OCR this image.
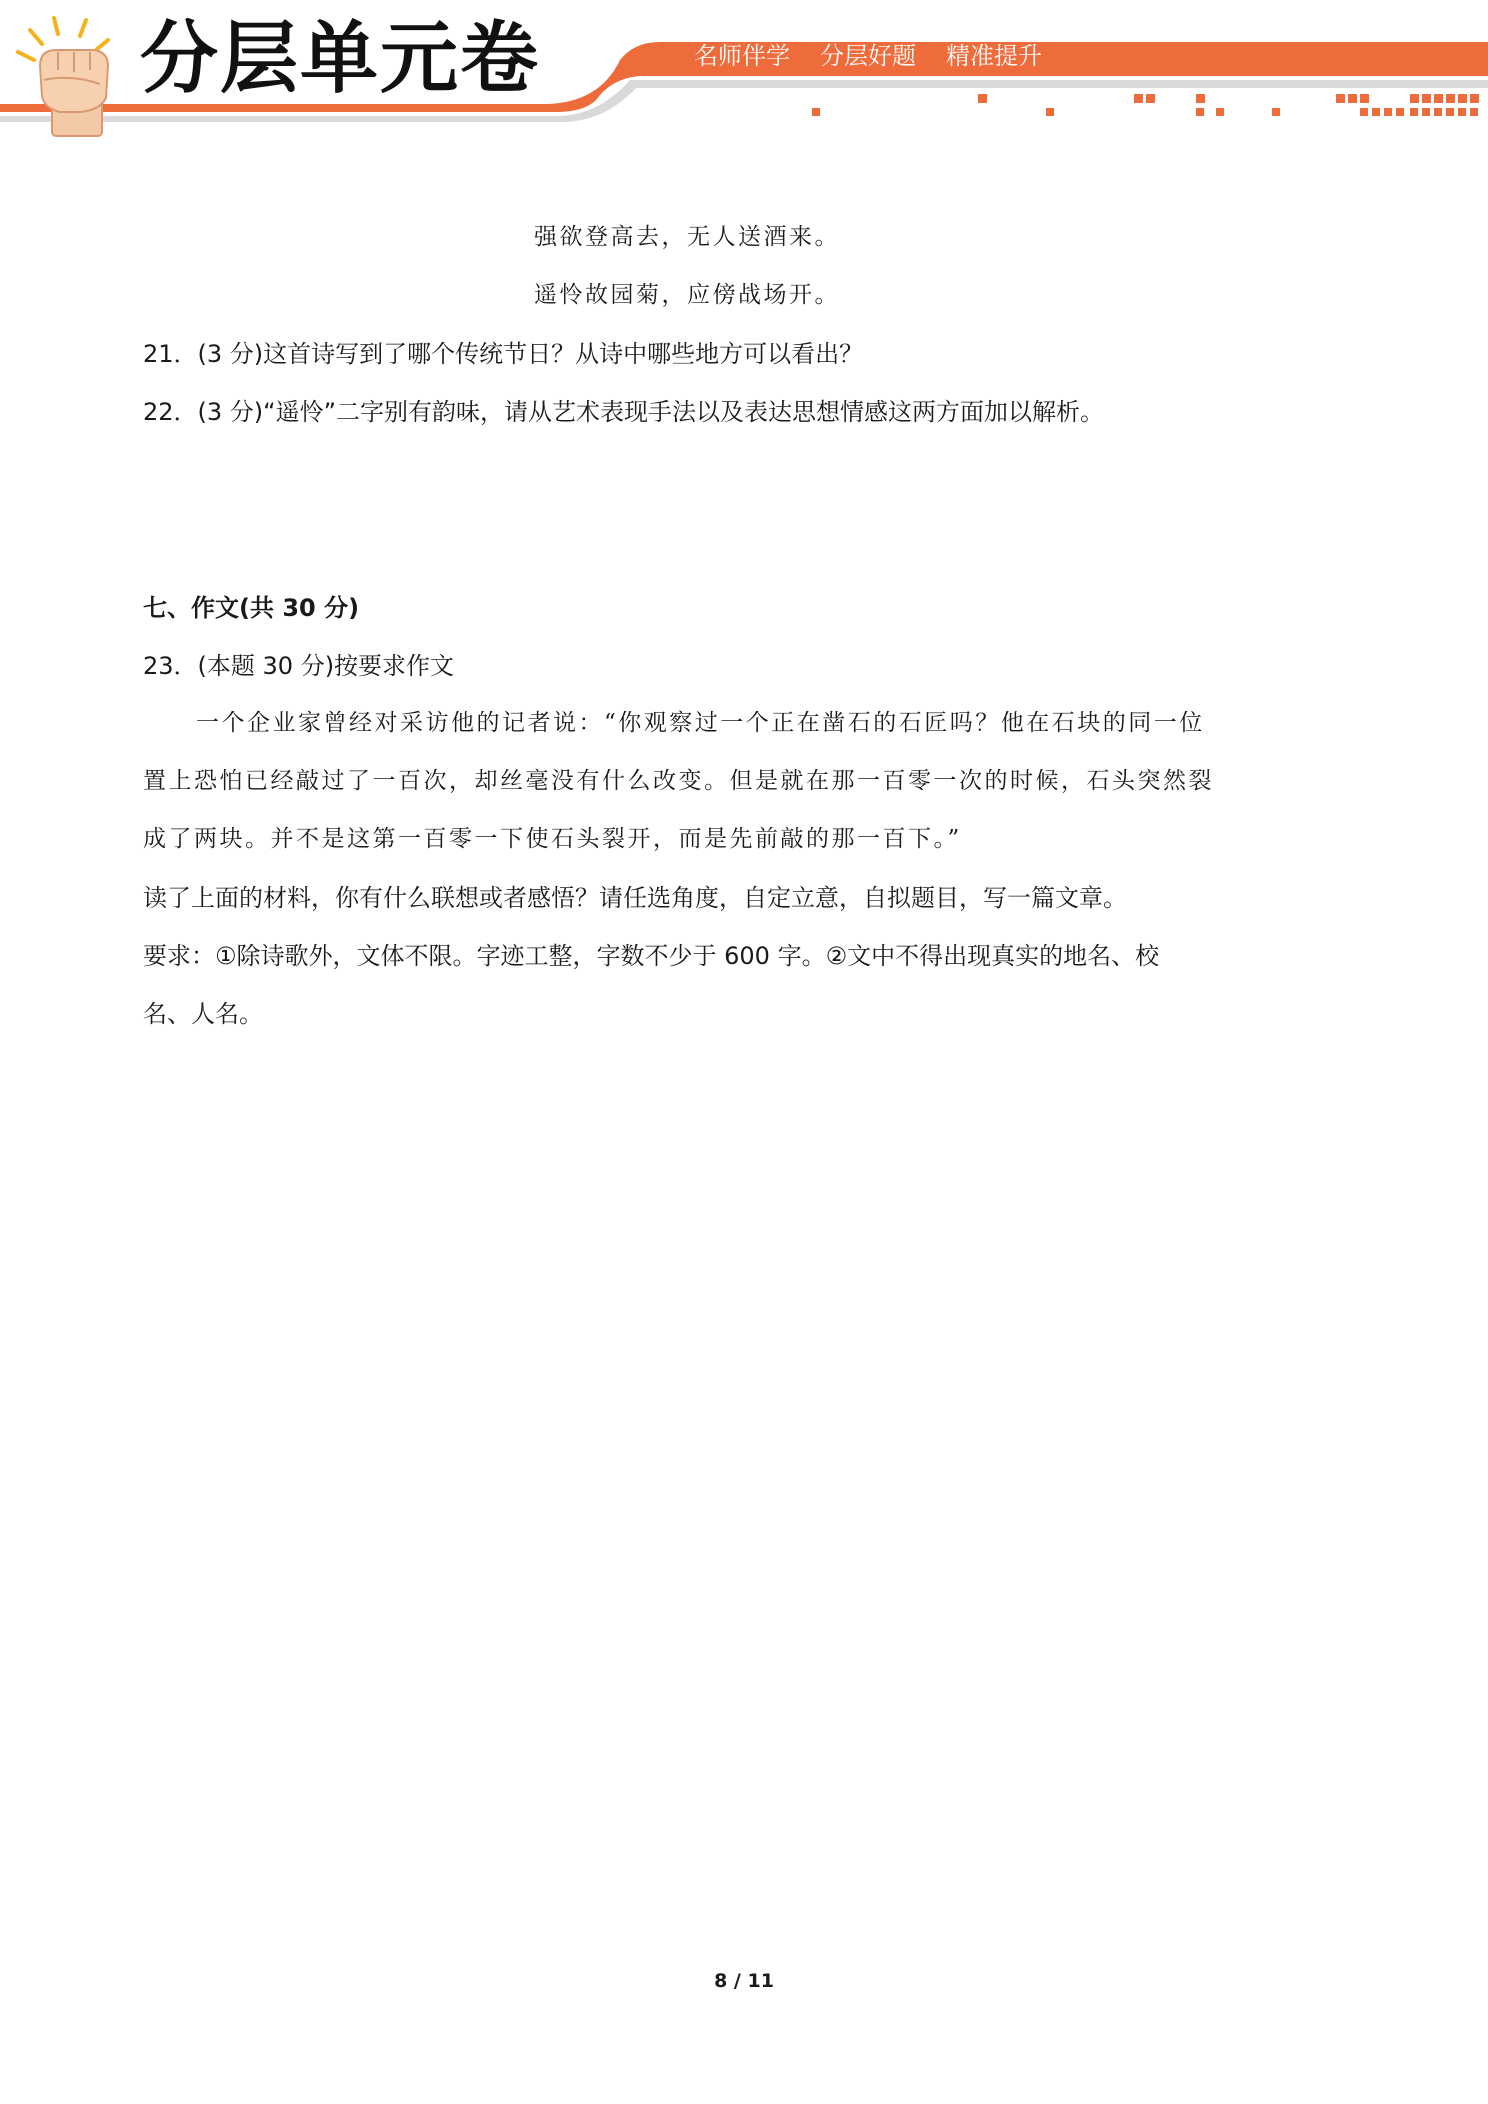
分层单元卷	名师伴学 分层好题 精准提升
强欲登高去，无人送酒来。
遥怜故园菊，应傍战场开。
21．(3 分)这首诗写到了哪个传统节日？从诗中哪些地方可以看出？
22．(3 分)“遥怜”二字别有韵味，请从艺术表现手法以及表达思想情感这两方面加以解析。
七、作文(共 30 分)
23．(本题 30 分)按要求作文
一个企业家曾经对采访他的记者说：“你观察过一个正在凿石的石匠吗？他在石块的同一位
置上恐怕已经敲过了一百次，却丝毫没有什么改变。但是就在那一百零一次的时候，石头突然裂
成了两块。并不是这第一百零一下使石头裂开，而是先前敲的那一百下。”
读了上面的材料，你有什么联想或者感悟？请任选角度，自定立意，自拟题目，写一篇文章。
要求：①除诗歌外，文体不限。字迹工整，字数不少于 600 字。②文中不得出现真实的地名、校
名、人名。
8 / 11
